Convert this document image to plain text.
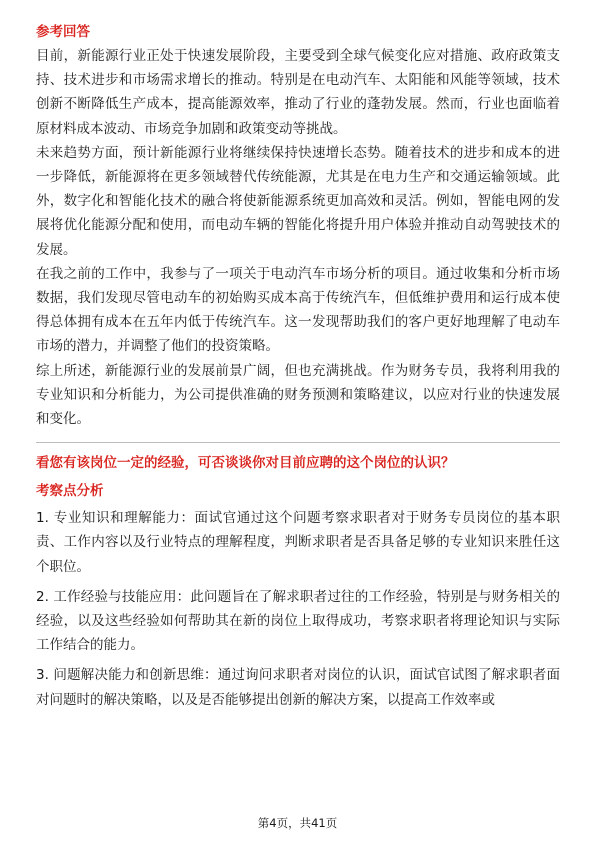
参考回答

目前，新能源行业正处于快速发展阶段，主要受到全球气候变化应对措施、政府政策支持、技术进步和市场需求增长的推动。特别是在电动汽车、太阳能和风能等领域，技术创新不断降低生产成本，提高能源效率，推动了行业的蓬勃发展。然而，行业也面临着原材料成本波动、市场竞争加剧和政策变动等挑战。

未来趋势方面，预计新能源行业将继续保持快速增长态势。随着技术的进步和成本的进一步降低，新能源将在更多领域替代传统能源，尤其是在电力生产和交通运输领域。此外，数字化和智能化技术的融合将使新能源系统更加高效和灵活。例如，智能电网的发展将优化能源分配和使用，而电动车辆的智能化将提升用户体验并推动自动驾驶技术的发展。

在我之前的工作中，我参与了一项关于电动汽车市场分析的项目。通过收集和分析市场数据，我们发现尽管电动车的初始购买成本高于传统汽车，但低维护费用和运行成本使得总体拥有成本在五年内低于传统汽车。这一发现帮助我们的客户更好地理解了电动车市场的潜力，并调整了他们的投资策略。

综上所述，新能源行业的发展前景广阔，但也充满挑战。作为财务专员，我将利用我的专业知识和分析能力，为公司提供准确的财务预测和策略建议，以应对行业的快速发展和变化。

看您有该岗位一定的经验，可否谈谈你对目前应聘的这个岗位的认识？
考察点分析

1. 专业知识和理解能力：面试官通过这个问题考察求职者对于财务专员岗位的基本职责、工作内容以及行业特点的理解程度，判断求职者是否具备足够的专业知识来胜任这个职位。

2. 工作经验与技能应用：此问题旨在了解求职者过往的工作经验，特别是与财务相关的经验，以及这些经验如何帮助其在新的岗位上取得成功，考察求职者将理论知识与实际工作结合的能力。

3. 问题解决能力和创新思维：通过询问求职者对岗位的认识，面试官试图了解求职者面对问题时的解决策略，以及是否能够提出创新的解决方案，以提高工作效率或

第4页，共41页
